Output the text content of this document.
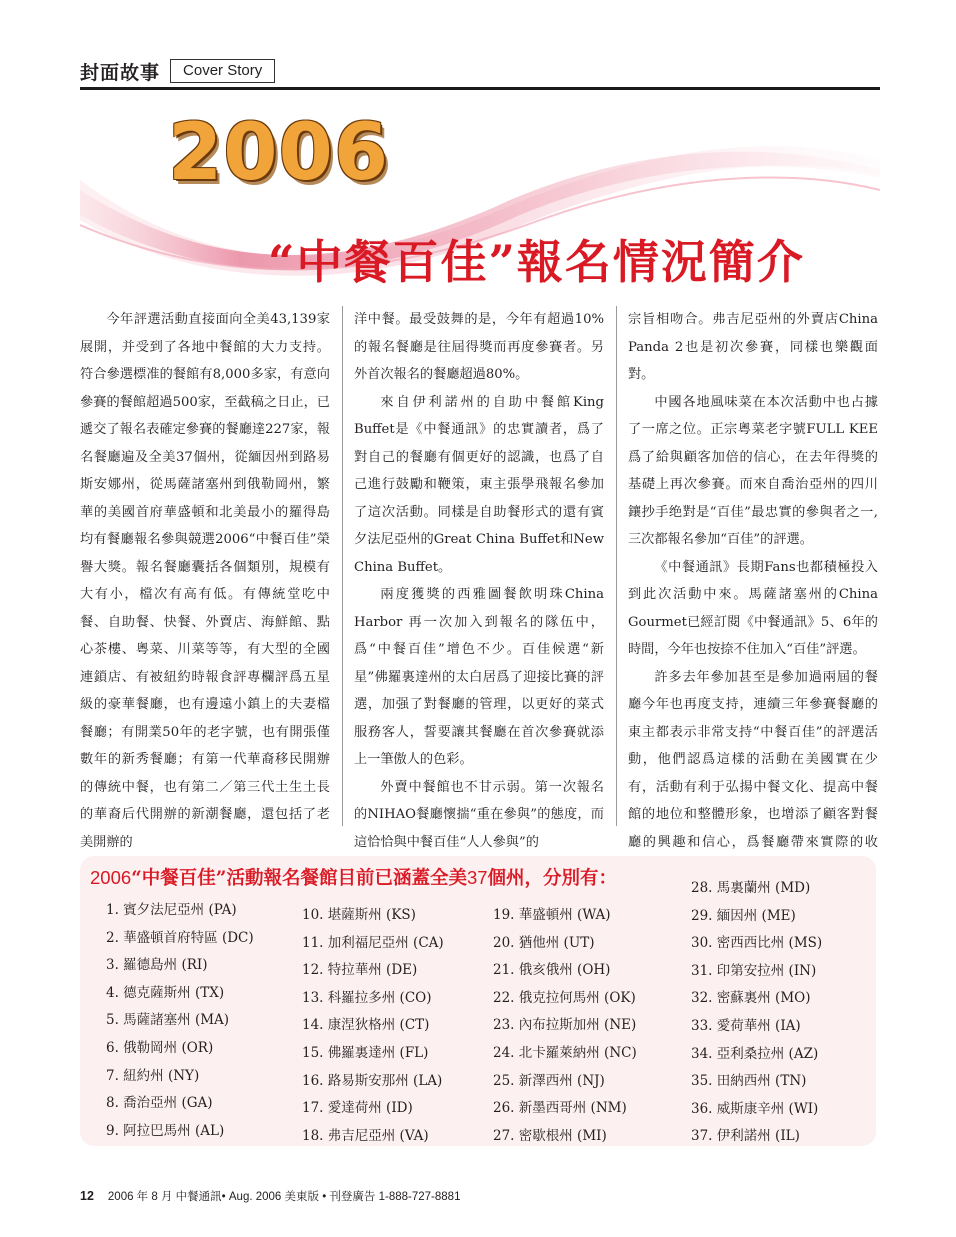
封面故事	Cover Story
2006
“中餐百佳”報名情況簡介

今年評選活動直接面向全美43,139家展開，并受到了各地中餐館的大力支持。符合參選標准的餐館有8,000多家，有意向參賽的餐館超過500家，至截稿之日止，已遞交了報名表確定參賽的餐廳達227家，報名餐廳遍及全美37個州，從緬因州到路易斯安娜州，從馬薩諸塞州到俄勒岡州，繁華的美國首府華盛頓和北美最小的羅得島均有餐廳報名參與競選2006“中餐百佳”榮譽大獎。報名餐廳囊括各個類別，規模有大有小，檔次有高有低。有傳統堂吃中餐、自助餐、快餐、外賣店、海鮮館、點心茶樓、粵菜、川菜等等，有大型的全國連鎖店、有被紐約時報食評專欄評爲五星級的豪華餐廳，也有邊遠小鎮上的夫妻檔餐廳；有開業50年的老字號，也有開張僅數年的新秀餐廳；有第一代華裔移民開辦的傳統中餐，也有第二／第三代土生土長的華裔后代開辦的新潮餐廳，還包括了老美開辦的

洋中餐。最受鼓舞的是，今年有超過10%的報名餐廳是往屆得獎而再度參賽者。另外首次報名的餐廳超過80%。

來自伊利諾州的自助中餐館King Buffet是《中餐通訊》的忠實讀者，爲了對自己的餐廳有個更好的認識，也爲了自己進行鼓勵和鞭策，東主張學飛報名參加了這次活動。同樣是自助餐形式的還有賓夕法尼亞州的Great China Buffet和New China Buffet。

兩度獲獎的西雅圖餐飲明珠China Harbor 再一次加入到報名的隊伍中，爲“中餐百佳”增色不少。百佳候選“新星”佛羅裏達州的太白居爲了迎接比賽的評選，加强了對餐廳的管理，以更好的菜式服務客人，誓要讓其餐廳在首次參賽就添上一筆傲人的色彩。

外賣中餐館也不甘示弱。第一次報名的NIHAO餐廳懷揣“重在參與”的態度，而這恰恰與中餐百佳“人人參與”的

宗旨相吻合。弗吉尼亞州的外賣店China Panda 2也是初次參賽，同樣也樂觀面對。

中國各地風味菜在本次活動中也占據了一席之位。正宗粵菜老字號FULL KEE爲了給與顧客加倍的信心，在去年得獎的基礎上再次參賽。而來自喬治亞州的四川鑲抄手绝對是“百佳”最忠實的參與者之一,三次都報名參加“百佳”的評選。

《中餐通訊》長期Fans也都積極投入到此次活動中來。馬薩諸塞州的China Gourmet已經訂閱《中餐通訊》5、6年的時間，今年也按捺不住加入“百佳”評選。

許多去年參加甚至是參加過兩屆的餐廳今年也再度支持，連續三年參賽餐廳的東主都表示非常支持“中餐百佳”的評選活動，他們認爲這樣的活動在美國實在少有，活動有利于弘揚中餐文化、提高中餐館的地位和整體形象，也增添了顧客對餐廳的興趣和信心，爲餐廳帶來實際的收

2006“中餐百佳”活動報名餐館目前已涵蓋全美37個州，分別有：
1. 賓夕法尼亞州 (PA)
2. 華盛頓首府特區 (DC)
3. 羅德島州 (RI)
4. 德克薩斯州 (TX)
5. 馬薩諸塞州 (MA)
6. 俄勒岡州 (OR)
7. 紐約州 (NY)
8. 喬治亞州 (GA)
9. 阿拉巴馬州 (AL)
10. 堪薩斯州 (KS)
11. 加利福尼亞州 (CA)
12. 特拉華州 (DE)
13. 科羅拉多州 (CO)
14. 康涅狄格州 (CT)
15. 佛羅裏達州 (FL)
16. 路易斯安那州 (LA)
17. 愛達荷州 (ID)
18. 弗吉尼亞州 (VA)
19. 華盛頓州 (WA)
20. 猶他州 (UT)
21. 俄亥俄州 (OH)
22. 俄克拉何馬州 (OK)
23. 內布拉斯加州 (NE)
24. 北卡羅萊納州 (NC)
25. 新澤西州 (NJ)
26. 新墨西哥州 (NM)
27. 密歇根州 (MI)
28. 馬裏蘭州 (MD)
29. 緬因州 (ME)
30. 密西西比州 (MS)
31. 印第安拉州 (IN)
32. 密蘇裏州 (MO)
33. 愛荷華州 (IA)
34. 亞利桑拉州 (AZ)
35. 田納西州 (TN)
36. 威斯康辛州 (WI)
37. 伊利諾州 (IL)
12 2006 年 8 月 中餐通訊• Aug. 2006 美東版 • 刊登廣告 1-888-727-8881
